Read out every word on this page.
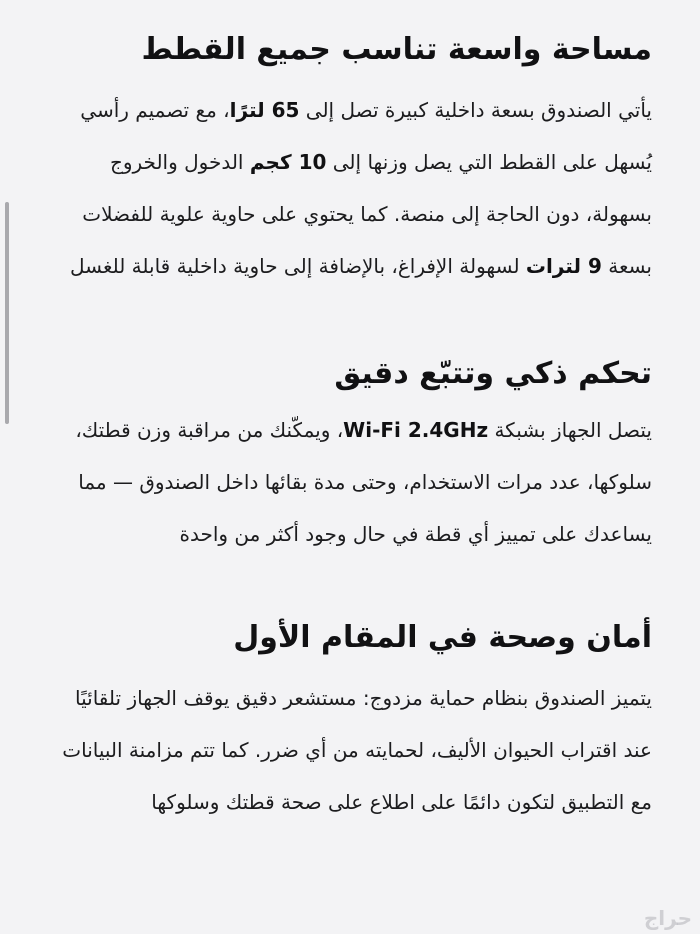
مساحة واسعة تناسب جميع القطط

يأتي الصندوق بسعة داخلية كبيرة تصل إلى 65 لترًا، مع تصميم رأسي يُسهل على القطط التي يصل وزنها إلى 10 كجم الدخول والخروج بسهولة، دون الحاجة إلى منصة. كما يحتوي على حاوية علوية للفضلات بسعة 9 لترات لسهولة الإفراغ، بالإضافة إلى حاوية داخلية قابلة للغسل

تحكم ذكي وتتبّع دقيق

يتصل الجهاز بشبكة Wi-Fi 2.4GHz، ويمكّنك من مراقبة وزن قطتك، سلوكها، عدد مرات الاستخدام، وحتى مدة بقائها داخل الصندوق — مما يساعدك على تمييز أي قطة في حال وجود أكثر من واحدة

أمان وصحة في المقام الأول

يتميز الصندوق بنظام حماية مزدوج: مستشعر دقيق يوقف الجهاز تلقائيًا عند اقتراب الحيوان الأليف، لحمايته من أي ضرر. كما تتم مزامنة البيانات مع التطبيق لتكون دائمًا على اطلاع على صحة قطتك وسلوكها

حراج
